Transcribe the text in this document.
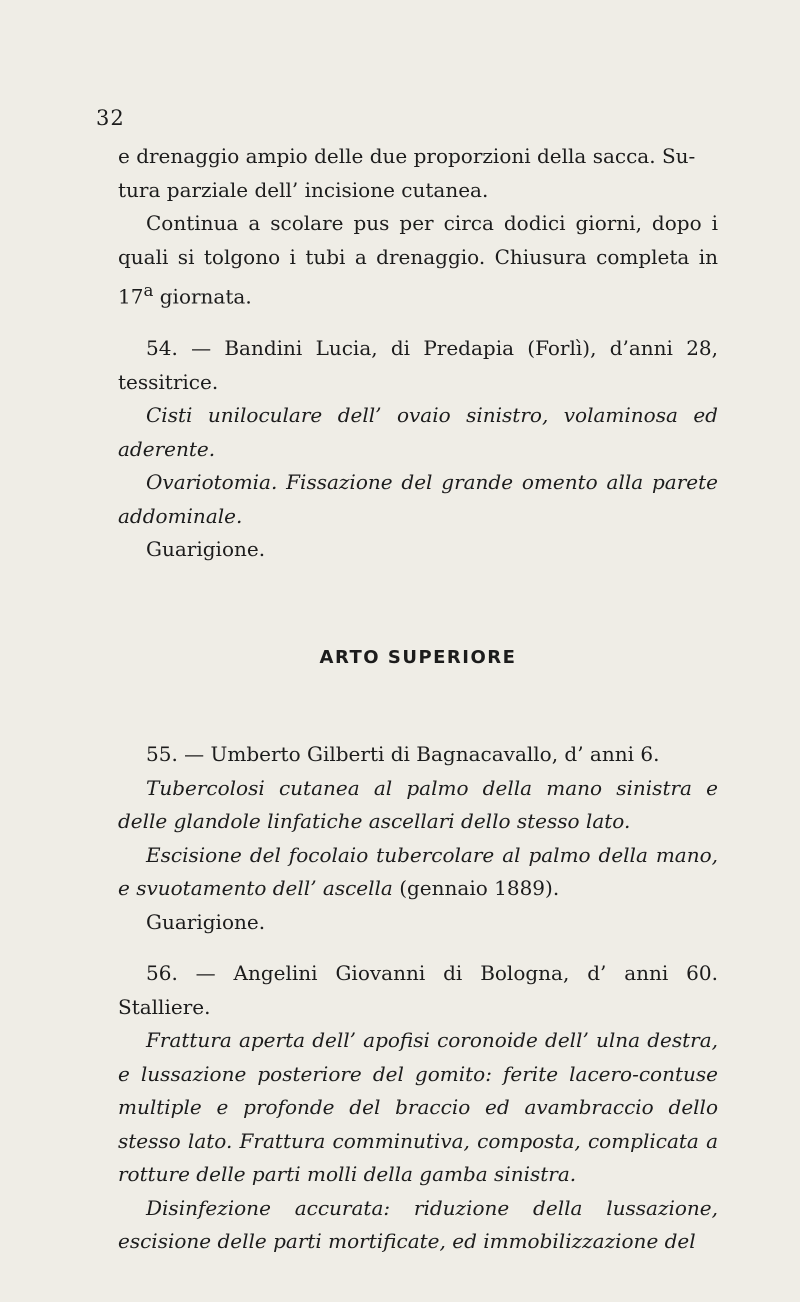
32

e drenaggio ampio delle due proporzioni della sacca. Su-

tura parziale dell’ incisione cutanea.

Continua a scolare pus per circa dodici giorni, dopo i quali si tolgono i tubi a drenaggio. Chiusura completa in 17$^a$ giornata.

54. — Bandini Lucia, di Predapia (Forlì), d’anni 28, tessitrice.

Cisti uniloculare dell’ ovaio sinistro, volaminosa ed aderente.

Ovariotomia. Fissazione del grande omento alla parete addominale.

Guarigione.

ARTO SUPERIORE

55. — Umberto Gilberti di Bagnacavallo, d’ anni 6.

Tubercolosi cutanea al palmo della mano sinistra e delle glandole linfatiche ascellari dello stesso lato.

Escisione del focolaio tubercolare al palmo della mano, e svuotamento dell’ ascella (gennaio 1889).

Guarigione.

56. — Angelini Giovanni di Bologna, d’ anni 60. Stalliere.

Frattura aperta dell’ apofisi coronoide dell’ ulna destra, e lussazione posteriore del gomito: ferite lacero-contuse multiple e profonde del braccio ed avambraccio dello stesso lato. Frattura comminutiva, composta, complicata a rotture delle parti molli della gamba sinistra.

Disinfezione accurata: riduzione della lussazione, escisione delle parti mortificate, ed immobilizzazione del
